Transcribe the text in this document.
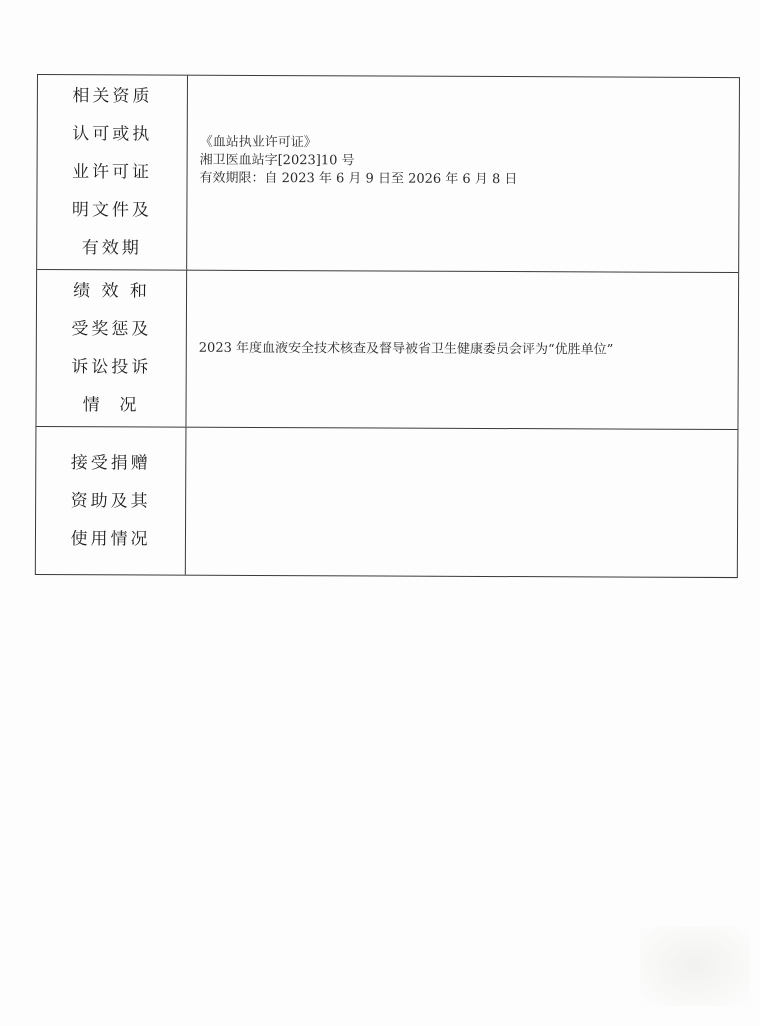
相关资质
认可或执
业许可证
明文件及
有效期
《血站执业许可证》
湘卫医血站字[2023]10 号
有效期限：自 2023 年 6 月 9 日至 2026 年 6 月 8 日
绩 效 和
受奖惩及
诉讼投诉
情  况
2023 年度血液安全技术核查及督导被省卫生健康委员会评为“优胜单位”
接受捐赠
资助及其
使用情况
